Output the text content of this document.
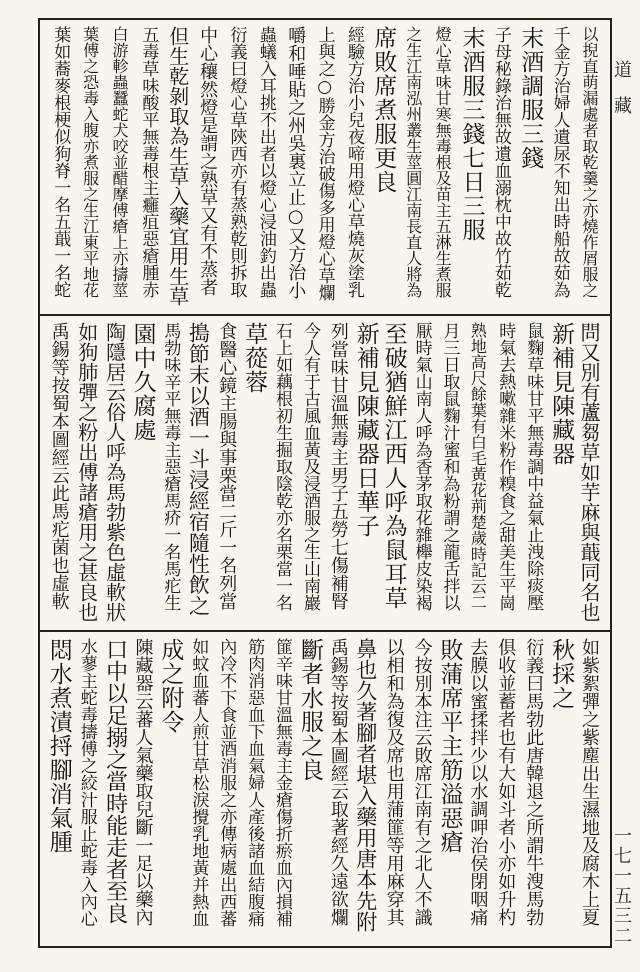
以掜直萌漏處者取乾羹之亦燒作屑服之
千金方治婦人遺尿不知出時船故茹為
末酒調服三錢
子母秘錄治無故遺血溺枕中故竹茹乾
末酒服三錢七日三服
燈心草味甘寒無毒根及苗主五淋生煮服
之生江南泓州叢生莖圓江南長直人將為
席敗席煮服更良
經驗方治小兒夜啼用燈心草燒灰塗乳
上與之○勝金方治破傷多用燈心草爛
嚼和唾貼之州吳裏立止○又方治小
蟲蟻入耳挑不出者以燈心浸油釣出蟲
衍義曰燈心草陝西亦有蒸熟乾則拆取
中心穰然燈是謂之熟草又有不蒸者
但生乾剝取為生草入藥宜用生草
五毒草味酸平無毒根主癰疽惡瘡腫赤
白游軫蟲蠶蛇犬咬並醋摩傅瘡上亦擣莖
葉傅之恐毒入腹亦煮服之生江東平地花
葉如蕎麥根梗似狗脊一名五蕺一名蛇
問又別有蘆芻草如芋麻與蕺同名也
新補見陳藏器
鼠麴草味甘平無毒調中益氣止洩除痰壓
時氣去熱嗽雜米粉作糗食之甜美生平崗
熟地高尺餘葉有白毛黃花荊楚歲時記云二
月三日取鼠麴汁蜜和為粉謂之龍舌拌以
厭時氣山南人呼為香茅取花雜櫸皮染褐
至破猶鮮江西人呼為鼠耳草
新補見陳藏器日華子
列當味甘溫無毒主男子五勞七傷補腎
今人有于古風血黃及浸酒服之生山南巖
石上如藕根初生掘取陰乾亦名栗當一名
草蓯蓉
食醫心鏡主腸與事栗當二斤一名列當
搗節末以酒一斗浸經宿隨性飲之
馬勃味辛平無毒主惡瘡馬疥一名馬疕生
園中久腐處
陶隱居云俗人呼為馬勃紫色虛軟狀
如狗肺彈之粉出傅諸瘡用之甚良也
禹錫等按蜀本圖經云此馬疕菌也虛軟
如紫絮彈之紫塵出生濕地及腐木上夏
秋採之
衍義曰馬勃此唐韓退之所謂牛溲馬勃
俱收並蓄者也有大如斗者小亦如升杓
去膜以蜜揉拌少以水調呷治侯閉咽痛
敗蒲席平主筋溢惡瘡
今按別本注云敗席江南有之北人不識
以相和為復及席也用蒲篚等用麻穿其
鼻也久著腳者堪入藥用唐本先附
禹錫等按蜀本圖經云取著經久遠欲爛
斷者水服之良
篚辛味甘溫無毒主金瘡傷折瘀血內損補
筋肉消惡血下血氣婦人產後諸血結腹痛
內冷不下食並酒消服之亦傳病處出西蕃
如蚊血蕃人煎甘草松淚攪乳地黃并熱血
成之附令
陳藏器云蕃人氣藥取兒斷一足以藥內
口中以足搦之當時能走者至良
水蓼主蛇毒擣傅之絞汁服止蛇毒入內心
悶水煮漬捋腳消氣腫
道藏
一七一五三二
